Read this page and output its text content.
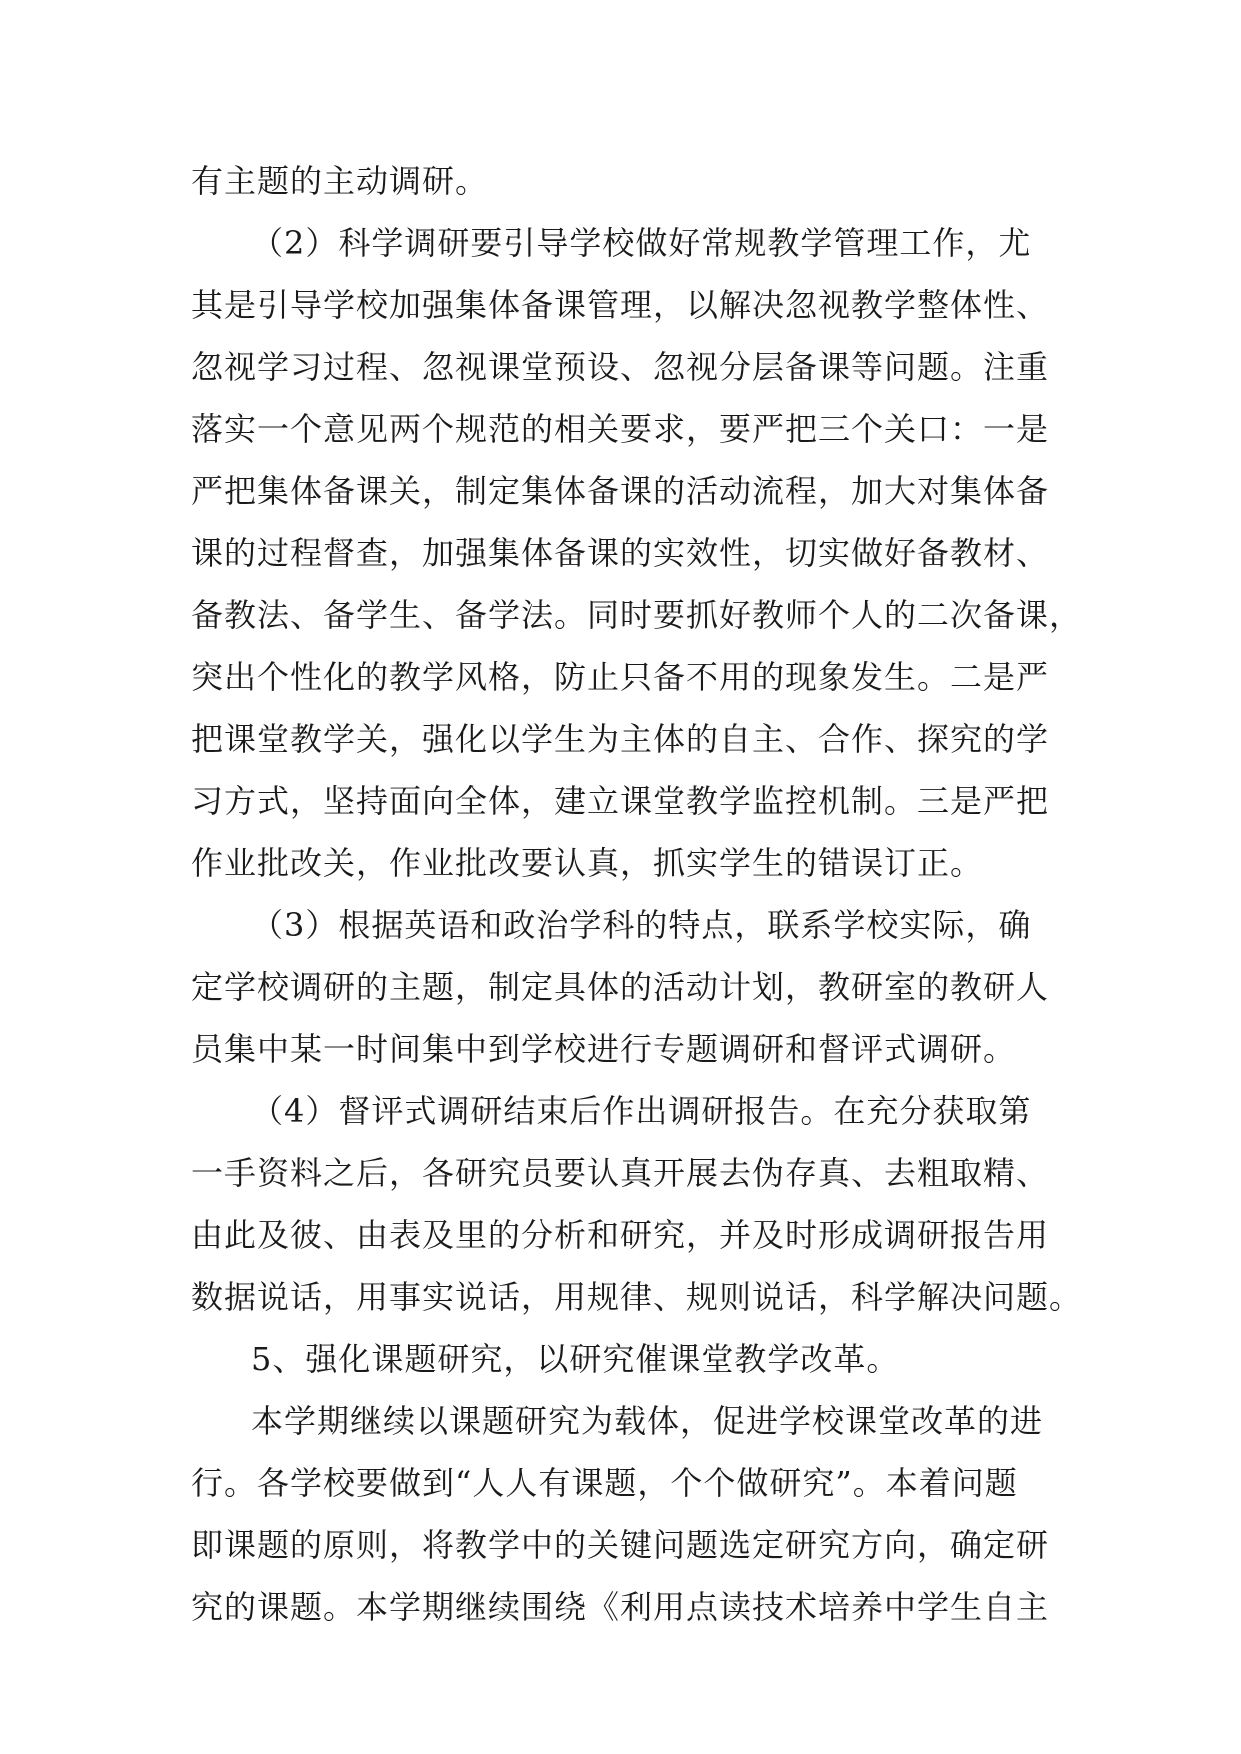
有主题的主动调研。
（2）科学调研要引导学校做好常规教学管理工作，尤
其是引导学校加强集体备课管理，以解决忽视教学整体性、
忽视学习过程、忽视课堂预设、忽视分层备课等问题。注重
落实一个意见两个规范的相关要求，要严把三个关口：一是
严把集体备课关，制定集体备课的活动流程，加大对集体备
课的过程督查，加强集体备课的实效性，切实做好备教材、
备教法、备学生、备学法。同时要抓好教师个人的二次备课，
突出个性化的教学风格，防止只备不用的现象发生。二是严
把课堂教学关，强化以学生为主体的自主、合作、探究的学
习方式，坚持面向全体，建立课堂教学监控机制。三是严把
作业批改关，作业批改要认真，抓实学生的错误订正。
（3）根据英语和政治学科的特点，联系学校实际，确
定学校调研的主题，制定具体的活动计划，教研室的教研人
员集中某一时间集中到学校进行专题调研和督评式调研。
（4）督评式调研结束后作出调研报告。在充分获取第
一手资料之后，各研究员要认真开展去伪存真、去粗取精、
由此及彼、由表及里的分析和研究，并及时形成调研报告用
数据说话，用事实说话，用规律、规则说话，科学解决问题。
5、强化课题研究，以研究催课堂教学改革。
本学期继续以课题研究为载体，促进学校课堂改革的进
行。各学校要做到“人人有课题，个个做研究”。本着问题
即课题的原则，将教学中的关键问题选定研究方向，确定研
究的课题。本学期继续围绕《利用点读技术培养中学生自主
